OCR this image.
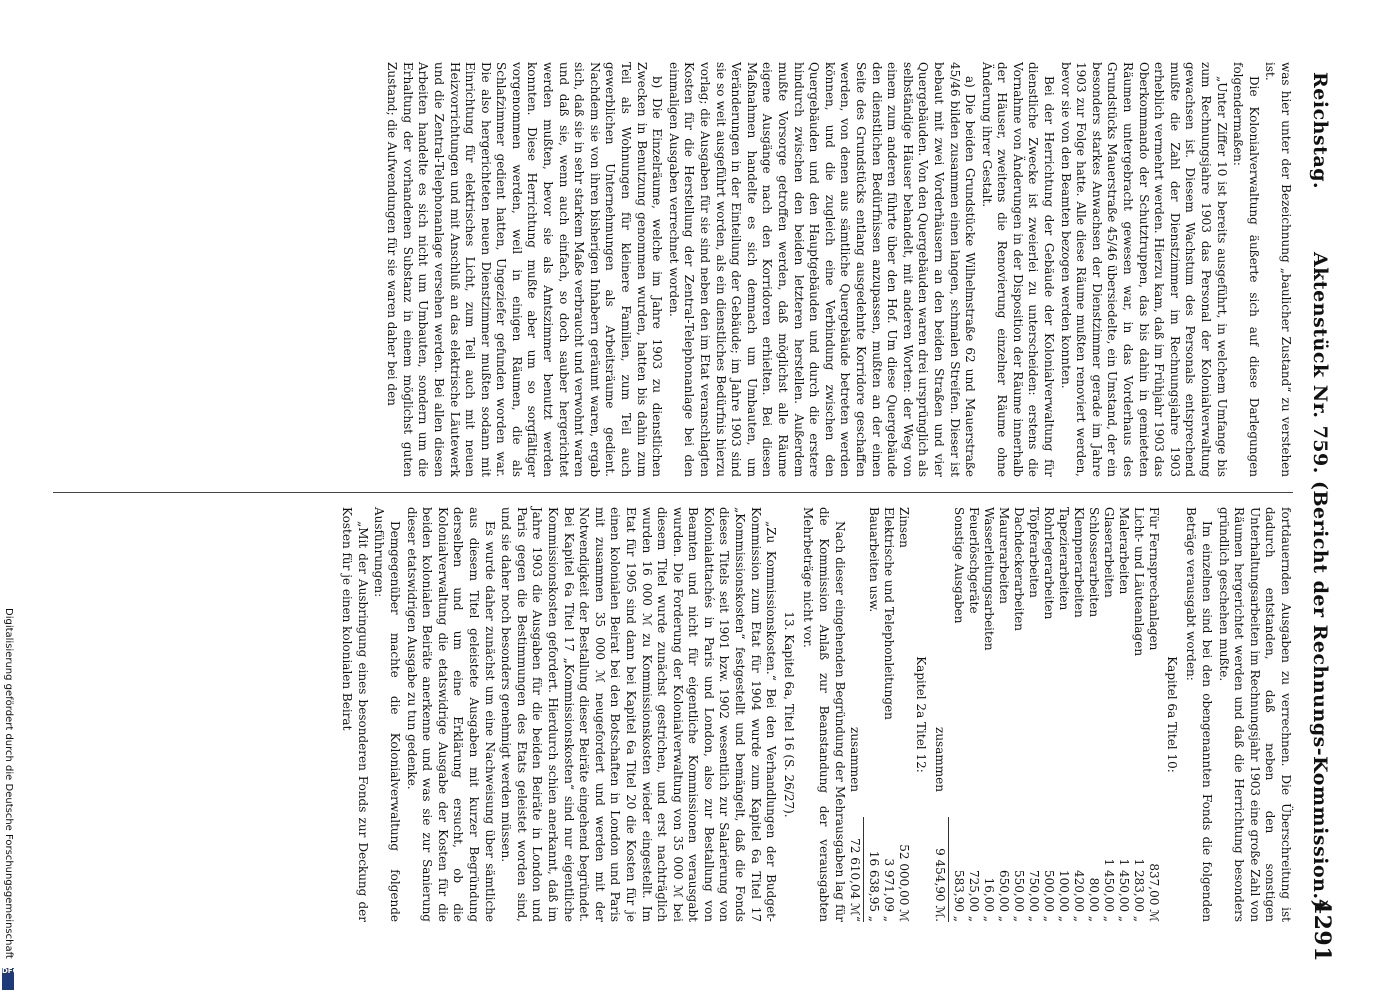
Digitalisierung gefördert durch die Deutsche Forschungsgemeinschaft
DFG
Reichstag.
Aktenstück Nr. 759. (Bericht der Rechnungs-Kommission.)
4291

was hier unter der Bezeichnung „baulicher Zustand“ zu verstehen ist.

Die Kolonialverwaltung äußerte sich auf diese Darlegungen folgendermaßen:

„Unter Ziffer 10 ist bereits ausgeführt, in welchem Umfange bis zum Rechnungsjahre 1903 das Personal der Kolonialverwaltung gewachsen ist. Diesem Wachstum des Personals entsprechend mußte die Zahl der Dienstzimmer im Rechnungsjahre 1903 erheblich vermehrt werden. Hierzu kam, daß im Frühjahr 1903 das Oberkommando der Schutztruppen, das bis dahin in gemieteten Räumen untergebracht gewesen war, in das Vorderhaus des Grundstücks Mauerstraße 45/46 übersiedelte, ein Umstand, der ein besonders starkes Anwachsen der Dienstzimmer gerade im Jahre 1903 zur Folge hatte. Alle diese Räume mußten renoviert werden, bevor sie von den Beamten bezogen werden konnten.

Bei der Herrichtung der Gebäude der Kolonialverwaltung für dienstliche Zwecke ist zweierlei zu unterscheiden: erstens die Vornahme von Änderungen in der Disposition der Räume innerhalb der Häuser, zweitens die Renovierung einzelner Räume ohne Änderung ihrer Gestalt.

a) Die beiden Grundstücke Wilhelmstraße 62 und Mauerstraße 45/46 bilden zusammen einen langen, schmalen Streifen. Dieser ist bebaut mit zwei Vorderhäusern an den beiden Straßen und vier Quergebäuden. Von den Quergebäuden waren drei ursprünglich als selbständige Häuser behandelt, mit anderen Worten: der Weg von einem zum anderen führte über den Hof. Um diese Quergebäude den dienstlichen Bedürfnissen anzupassen, mußten an der einen Seite des Grundstücks entlang ausgedehnte Korridore geschaffen werden, von denen aus sämtliche Quergebäude betreten werden können, und die zugleich eine Verbindung zwischen den Quergebäuden und den Hauptgebäuden und durch die erstere hindurch zwischen den beiden letzteren herstellen. Außerdem mußte Vorsorge getroffen werden, daß möglichst alle Räume eigene Ausgänge nach den Korridoren erhielten. Bei diesen Maßnahmen handelte es sich demnach um Umbauten, um Veränderungen in der Einteilung der Gebäude; im Jahre 1903 sind sie so weit ausgeführt worden, als ein dienstliches Bedürfnis hierzu vorlag; die Ausgaben für sie sind neben den im Etat veranschlagten Kosten für die Herstellung der Zentral-Telephonanlage bei den einmaligen Ausgaben verrechnet worden.

b) Die Einzelräume, welche im Jahre 1903 zu dienstlichen Zwecken in Benutzung genommen wurden, hatten bis dahin zum Teil als Wohnungen für kleinere Familien, zum Teil auch gewerblichen Unternehmungen als Arbeitsräume gedient. Nachdem sie von ihren bisherigen Inhabern geräumt waren, ergab sich, daß sie in sehr starkem Maße verbraucht und verwohnt waren und daß sie, wenn auch einfach, so doch sauber hergerichtet werden mußten, bevor sie als Amtszimmer benutzt werden konnten. Diese Herrichtung mußte aber um so sorgfältiger vorgenommen werden, weil in einigen Räumen, die als Schlafzimmer gedient hatten, Ungeziefer gefunden worden war. Die also hergerichteten neuen Dienstzimmer mußten sodann mit Einrichtung für elektrisches Licht, zum Teil auch mit neuen Heizvorrichtungen und mit Anschluß an das elektrische Läutewerk und die Zentral-Telephonanlage versehen werden. Bei allen diesen Arbeiten handelte es sich nicht um Umbauten, sondern um die Erhaltung der vorhandenen Substanz in einem möglichst guten Zustand; die Aufwendungen für sie waren daher bei den

fortdauernden Ausgaben zu verrechnen. Die Überschreitung ist dadurch entstanden, daß neben den sonstigen Unterhaltungsarbeiten im Rechnungsjahr 1903 eine große Zahl von Räumen hergerichtet werden und daß die Herrichtung besonders gründlich geschehen mußte.

Im einzelnen sind bei den obengenannten Fonds die folgenden Beträge verausgabt worden:

Kapitel 6a Titel 10:

Für Fernsprechanlagen
837,00 ℳ
Licht- und Läuteanlagen
1 283,00 „
Malerarbeiten
1 450,00 „
Glaserarbeiten
1 450,00 „
Schlosserarbeiten
80,00 „
Klempnerarbeiten
420,00 „
Tapezierarbeiten
100,00 „
Rohrlegerarbeiten
500,00 „
Töpferarbeiten
750,00 „
Dachdeckerarbeiten
550,00 „
Maurerarbeiten
650,00 „
Wasserleitungsarbeiten
16,00 „
Feuerlöschgeräte
725,00 „
Sonstige Ausgaben
583,90 „
zusammen
9 454,90 ℳ.

Kapitel 2a Titel 12:

Zinsen
52 000,00 ℳ
Elektrische und Telephonleitungen
3 971,09 „
Bauarbeiten usw.
16 638,95 „
zusammen
72 610,04 ℳ“

Nach dieser eingehenden Begründung der Mehrausgaben lag für die Kommission Anlaß zur Beanstandung der verausgabten Mehrbeträge nicht vor.

13. Kapitel 6a, Titel 16 (S. 26/27).

„Zu Kommissionskosten.“ Bei den Verhandlungen der Budget-Kommission zum Etat für 1904 wurde zum Kapitel 6a Titel 17 „Kommissionskosten“ festgestellt und bemängelt, daß die Fonds dieses Titels seit 1901 bzw. 1902 wesentlich zur Salarierung von Kolonialattachés in Paris und London, also zur Bestallung von Beamten und nicht für eigentliche Kommissionen verausgabt wurden. Die Forderung der Kolonialverwaltung von 35 000 ℳ bei diesem Titel wurde zunächst gestrichen, und erst nachträglich wurden 16 000 ℳ zu Kommissionskosten wieder eingestellt. Im Etat für 1905 sind dann bei Kapitel 6a Titel 20 die Kosten für je einen kolonialen Beirat bei den Botschaften in London und Paris mit zusammen 35 000 ℳ neugefordert und werden mit der Notwendigkeit der Bestallung dieser Beiräte eingehend begründet. Bei Kapitel 6a Titel 17 „Kommissionskosten“ sind nur eigentliche Kommissionskosten gefordert. Hierdurch schien anerkannt, daß im Jahre 1903 die Ausgaben für die beiden Beiräte in London und Paris gegen die Bestimmungen des Etats geleistet worden sind, und sie daher noch besonders genehmigt werden müssen.

Es wurde daher zunächst um eine Nachweisung über sämtliche aus diesem Titel geleistete Ausgaben mit kurzer Begründung derselben und um eine Erklärung ersucht, ob die Kolonialverwaltung die etatswidrige Ausgabe der Kosten für die beiden kolonialen Beiräte anerkenne und was sie zur Sanierung dieser etatswidrigen Ausgabe zu tun gedenke.

Demgegenüber machte die Kolonialverwaltung folgende Ausführungen:

„Mit der Ausbringung eines besonderen Fonds zur Deckung der Kosten für je einen kolonialen Beirat
